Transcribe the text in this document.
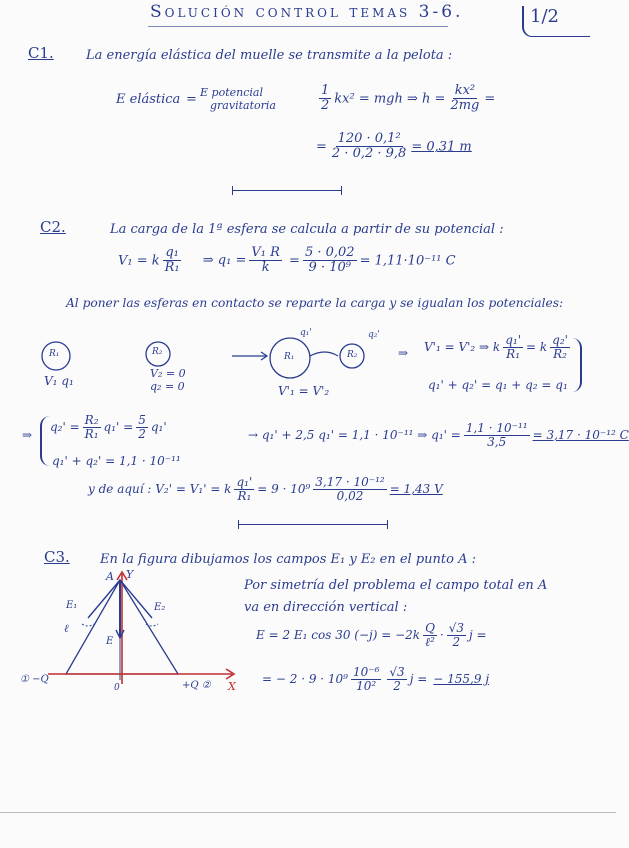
Solución control temas 3-6.	1/2
C1. La energía elástica del muelle se transmite a la pelota :
E elástica = E potencial
gravitatoria	$\frac{1}{2} kx^2$ = mgh ⇒ $h = \frac{\text{kx²}}{2mg}$ =
= $\frac{\text{120 · 0,1²}}{2 \cdot 0,2 \cdot 9,8} = 0,31$ m
C2.	La carga de la 1ª esfera se calcula a partir de su potencial :
V₁ = k $\frac{\text{q₁}}{\text{R₁}}$ ⇒ $q_1 = \frac{\text{V₁ R}}{k} = \frac{5 \cdot 0,02}{\text{9 · 10⁹}} = 1,11\cdot 10^{-11}$ C
Al poner las esferas en contacto se reparte la carga y se igualan los potenciales:
R₁	R₂
V₁ q₁
V₂ = 0
q₂ = 0
R₁	R₂
q₁'	q₂'
V'₁ = V'₂
⇒ V'₁ = V'₂ ⇒ k $\frac{\text{q₁'}}{\text{R₁}} = k \frac{\text{q₂'}}{\text{R₂}}$
q₁' + q₂' = q₁ + q₂ = q₁
⇒
$q_2' = \frac{\text{R₂}}{\text{R₁}} q_1' = \frac{5}{2} q_1'$
q₁' + q₂' = 1,1 · 10⁻¹¹
→ q₁' + 2,5 q₁' = 1,1 · 10⁻¹¹ ⇒ $q_1' = \frac{\text{1,1 · 10⁻¹¹}}{3,5} = 3,17 \cdot 10^{-12}$ C
y de aquí : V₂' = V₁' = k $\frac{\text{q₁'}}{\text{R₁}} = 9 \cdot 10^9 \frac{\text{3,17 · 10⁻¹²}}{0,02} = 1,43$ V
C3. En la figura dibujamos los campos E₁ y E₂ en el punto A :
Por simetría del problema el campo total en A
va en dirección vertical :
E = 2 E₁ cos 30 $(-j) = -2k \frac{Q}{\text{ℓ²}} \cdot \frac{√3}{2}$ j =
= − $2 \cdot 9 \cdot 10^9 \frac{\text{10⁻⁶}}{\text{10²}} \frac{√3}{2}$ j = − 155,9 j
A Y
X
E₁	E₂
E
ℓ
① −Q
+Q ②
0
